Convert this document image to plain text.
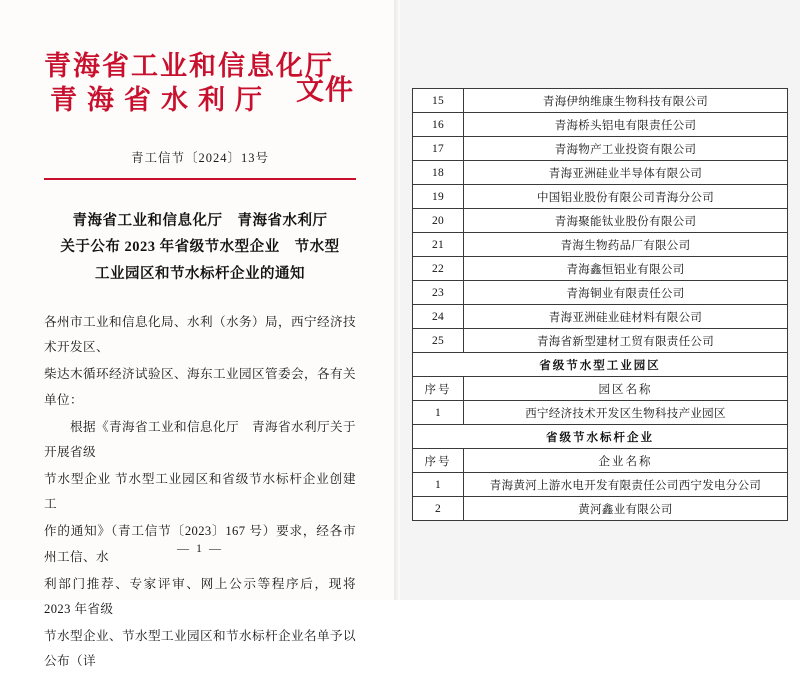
青海省工业和信息化厅
青海省水利厅 文件
青工信节〔2024〕13号
青海省工业和信息化厅　青海省水利厅
关于公布 2023 年省级节水型企业　节水型
工业园区和节水标杆企业的通知

各州市工业和信息化局、水利（水务）局，西宁经济技术开发区、

柴达木循环经济试验区、海东工业园区管委会，各有关单位：

　　根据《青海省工业和信息化厅　青海省水利厅关于开展省级

节水型企业 节水型工业园区和省级节水标杆企业创建工

作的通知》（青工信节〔2023〕167 号）要求，经各市州工信、水

利部门推荐、专家评审、网上公示等程序后，现将 2023 年省级

节水型企业、节水型工业园区和节水标杆企业名单予以公布（详

— 1 —
15	青海伊纳维康生物科技有限公司
16	青海桥头铝电有限责任公司
17	青海物产工业投资有限公司
18	青海亚洲硅业半导体有限公司
19	中国铝业股份有限公司青海分公司
20	青海聚能钛业股份有限公司
21	青海生物药品厂有限公司
22	青海鑫恒铝业有限公司
23	青海铜业有限责任公司
24	青海亚洲硅业硅材料有限公司
25	青海省新型建材工贸有限责任公司
省级节水型工业园区	
序号	园区名称
1	西宁经济技术开发区生物科技产业园区
省级节水标杆企业	
序号	企业名称
1	青海黄河上游水电开发有限责任公司西宁发电分公司
2	黄河鑫业有限公司
